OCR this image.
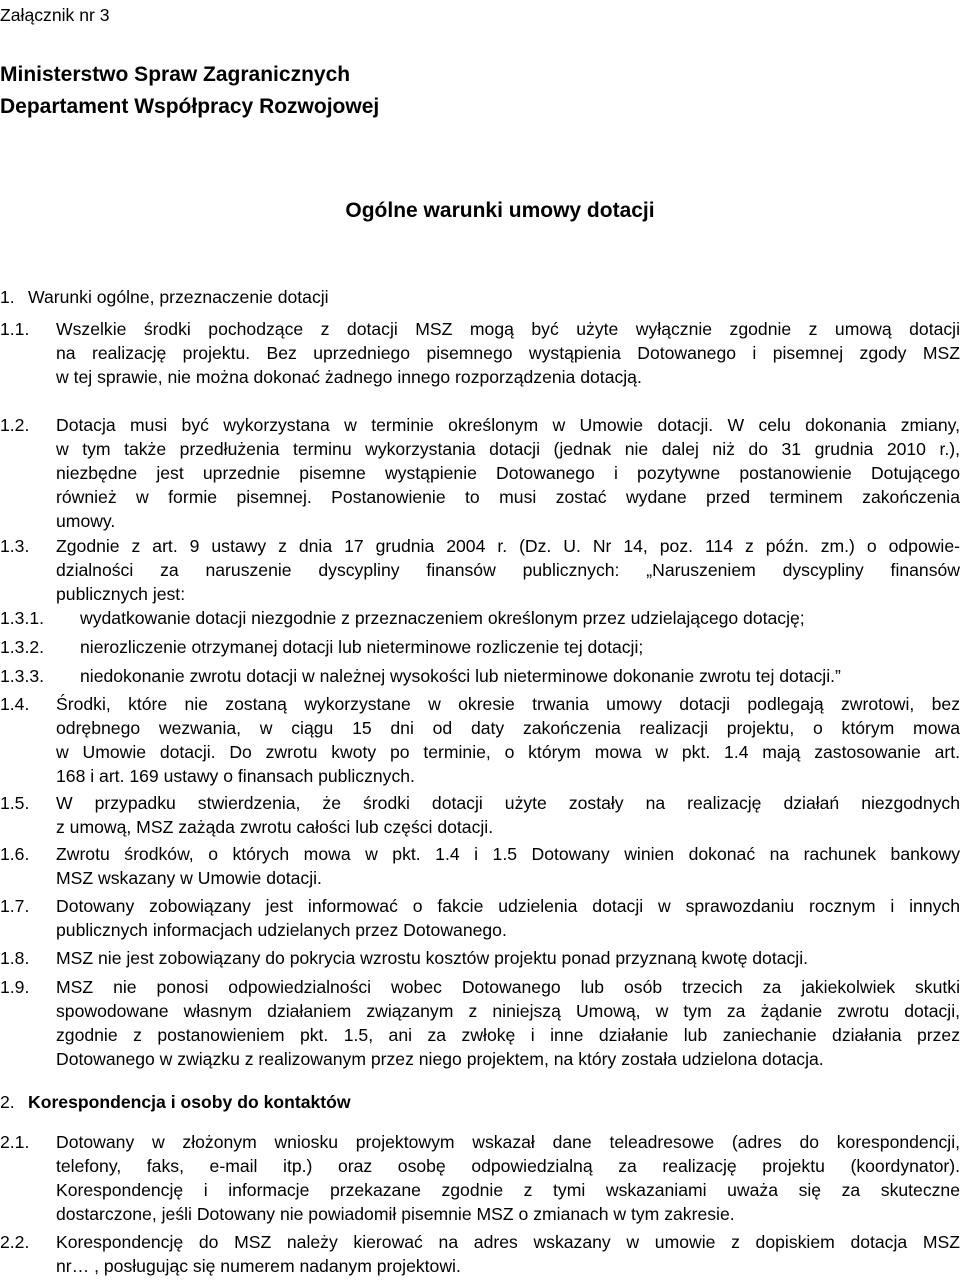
Załącznik nr 3
Ministerstwo Spraw Zagranicznych
Departament Współpracy Rozwojowej
Ogólne warunki umowy dotacji
1. Warunki ogólne, przeznaczenie dotacji
1.1. Wszelkie środki pochodzące z dotacji MSZ mogą być użyte wyłącznie zgodnie z umową dotacji
na realizację projektu. Bez uprzedniego pisemnego wystąpienia Dotowanego i pisemnej zgody MSZ
w tej sprawie, nie można dokonać żadnego innego rozporządzenia dotacją.
1.2. Dotacja musi być wykorzystana w terminie określonym w Umowie dotacji. W celu dokonania zmiany,
w tym także przedłużenia terminu wykorzystania dotacji (jednak nie dalej niż do 31 grudnia 2010 r.),
niezbędne jest uprzednie pisemne wystąpienie Dotowanego i pozytywne postanowienie Dotującego
również w formie pisemnej. Postanowienie to musi zostać wydane przed terminem zakończenia
umowy.
1.3. Zgodnie z art. 9 ustawy z dnia 17 grudnia 2004 r. (Dz. U. Nr 14, poz. 114 z późn. zm.) o odpowie-
dzialności za naruszenie dyscypliny finansów publicznych: „Naruszeniem dyscypliny finansów
publicznych jest:
1.3.1. wydatkowanie dotacji niezgodnie z przeznaczeniem określonym przez udzielającego dotację;
1.3.2. nierozliczenie otrzymanej dotacji lub nieterminowe rozliczenie tej dotacji;
1.3.3. niedokonanie zwrotu dotacji w należnej wysokości lub nieterminowe dokonanie zwrotu tej dotacji.”
1.4. Środki, które nie zostaną wykorzystane w okresie trwania umowy dotacji podlegają zwrotowi, bez
odrębnego wezwania, w ciągu 15 dni od daty zakończenia realizacji projektu, o którym mowa
w Umowie dotacji. Do zwrotu kwoty po terminie, o którym mowa w pkt. 1.4 mają zastosowanie art.
168 i art. 169 ustawy o finansach publicznych.
1.5. W przypadku stwierdzenia, że środki dotacji użyte zostały na realizację działań niezgodnych
z umową, MSZ zażąda zwrotu całości lub części dotacji.
1.6. Zwrotu środków, o których mowa w pkt. 1.4 i 1.5 Dotowany winien dokonać na rachunek bankowy
MSZ wskazany w Umowie dotacji.
1.7. Dotowany zobowiązany jest informować o fakcie udzielenia dotacji w sprawozdaniu rocznym i innych
publicznych informacjach udzielanych przez Dotowanego.
1.8. MSZ nie jest zobowiązany do pokrycia wzrostu kosztów projektu ponad przyznaną kwotę dotacji.
1.9. MSZ nie ponosi odpowiedzialności wobec Dotowanego lub osób trzecich za jakiekolwiek skutki
spowodowane własnym działaniem związanym z niniejszą Umową, w tym za żądanie zwrotu dotacji,
zgodnie z postanowieniem pkt. 1.5, ani za zwłokę i inne działanie lub zaniechanie działania przez
Dotowanego w związku z realizowanym przez niego projektem, na który została udzielona dotacja.
2. Korespondencja i osoby do kontaktów
2.1. Dotowany w złożonym wniosku projektowym wskazał dane teleadresowe (adres do korespondencji,
telefony, faks, e-mail itp.) oraz osobę odpowiedzialną za realizację projektu (koordynator).
Korespondencję i informacje przekazane zgodnie z tymi wskazaniami uważa się za skuteczne
dostarczone, jeśli Dotowany nie powiadomił pisemnie MSZ o zmianach w tym zakresie.
2.2. Korespondencję do MSZ należy kierować na adres wskazany w umowie z dopiskiem dotacja MSZ
nr… , posługując się numerem nadanym projektowi.
